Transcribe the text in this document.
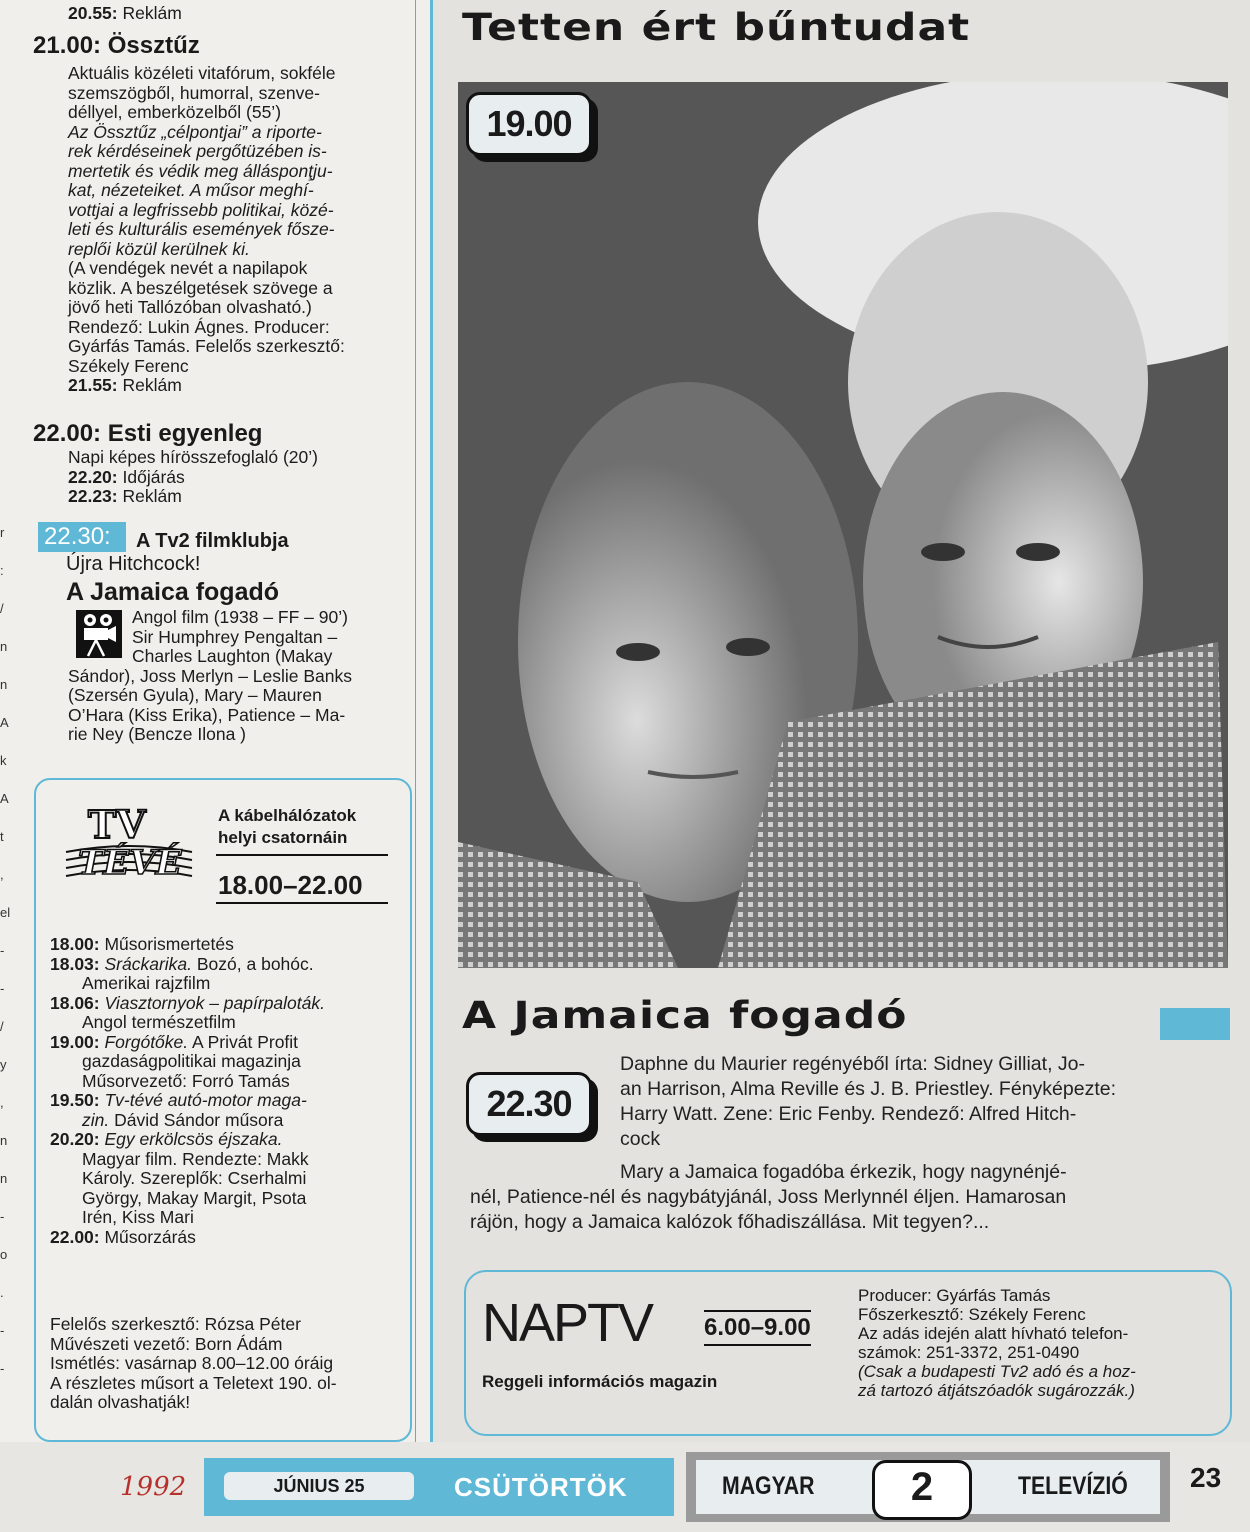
r
:
/
n
n
A
k
A
t
,
el
-
-
/
y
,
n
n
-
o
.
-
-
20.55: Reklám
21.00: Össztűz
Aktuális közéleti vitafórum, sokféle
szemszögből, humorral, szenve-
déllyel, emberközelből (55’)
Az Össztűz „célpontjai” a riporte-
rek kérdéseinek pergőtüzében is-
mertetik és védik meg állásponţju-
kat, nézeteiket. A műsor meghí-
vottjai a legfrissebb politikai, közé-
leti és kulturális események fősze-
replői közül kerülnek ki.
(A vendégek nevét a napilapok
közlik. A beszélgetések szövege a
jövő heti Tallózóban olvasható.)
Rendező: Lukin Ágnes. Producer:
Gyárfás Tamás. Felelős szerkesztő:
Székely Ferenc
21.55: Reklám
22.00: Esti egyenleg
Napi képes hírösszefoglaló (20’)
22.20: Időjárás
22.23: Reklám
22.30: A Tv2 filmklubja
Újra Hitchcock!
A Jamaica fogadó
Angol film (1938 – FF – 90’)
Sir Humphrey Pengaltan –
Charles Laughton (Makay
Sándor), Joss Merlyn – Leslie Banks
(Szersén Gyula), Mary – Mauren
O’Hara (Kiss Erika), Patience – Ma-
rie Ney (Bencze Ilona )
TV
TÉVÉ
A kábelhálózatok
helyi csatornáin
18.00–22.00
18.00: Műsorismertetés
18.03: Sráckarika. Bozó, a bohóc.
Amerikai rajzfilm
18.06: Viasztornyok – papírpaloták.
Angol természetfilm
19.00: Forgótőke. A Privát Profit
gazdaságpolitikai magazinja
Műsorvezető: Forró Tamás
19.50: Tv-tévé autó-motor maga-
zin. Dávid Sándor műsora
20.20: Egy erkölcsös éjszaka.
Magyar film. Rendezte: Makk
Károly. Szereplők: Cserhalmi
György, Makay Margit, Psota
Irén, Kiss Mari
22.00: Műsorzárás
Felelős szerkesztő: Rózsa Péter
Művészeti vezető: Born Ádám
Ismétlés: vasárnap 8.00–12.00 óráig
A részletes műsort a Teletext 190. ol-
dalán olvashatják!
Tetten ért bűntudat
19.00
A Jamaica fogadó
22.30
Daphne du Maurier regényéből írta: Sidney Gilliat, Jo-
an Harrison, Alma Reville és J. B. Priestley. Fényképezte:
Harry Watt. Zene: Eric Fenby. Rendező: Alfred Hitch-
cock
Mary a Jamaica fogadóba érkezik, hogy nagynénjé-
nél, Patience-nél és nagybátyjánál, Joss Merlynnél éljen. Hamarosan
rájön, hogy a Jamaica kalózok főhadiszállása. Mit tegyen?...
NAPTV 6.00–9.00
Reggeli információs magazin
Producer: Gyárfás Tamás
Főszerkesztő: Székely Ferenc
Az adás idején alatt hívható telefon-
számok: 251-3372, 251-0490
(Csak a budapesti Tv2 adó és a hoz-
zá tartozó átjátszóadók sugározzák.)
1992	JÚNIUS 25	CSÜTÖRTÖK	MAGYAR	2	TELEVÍZIÓ 23
